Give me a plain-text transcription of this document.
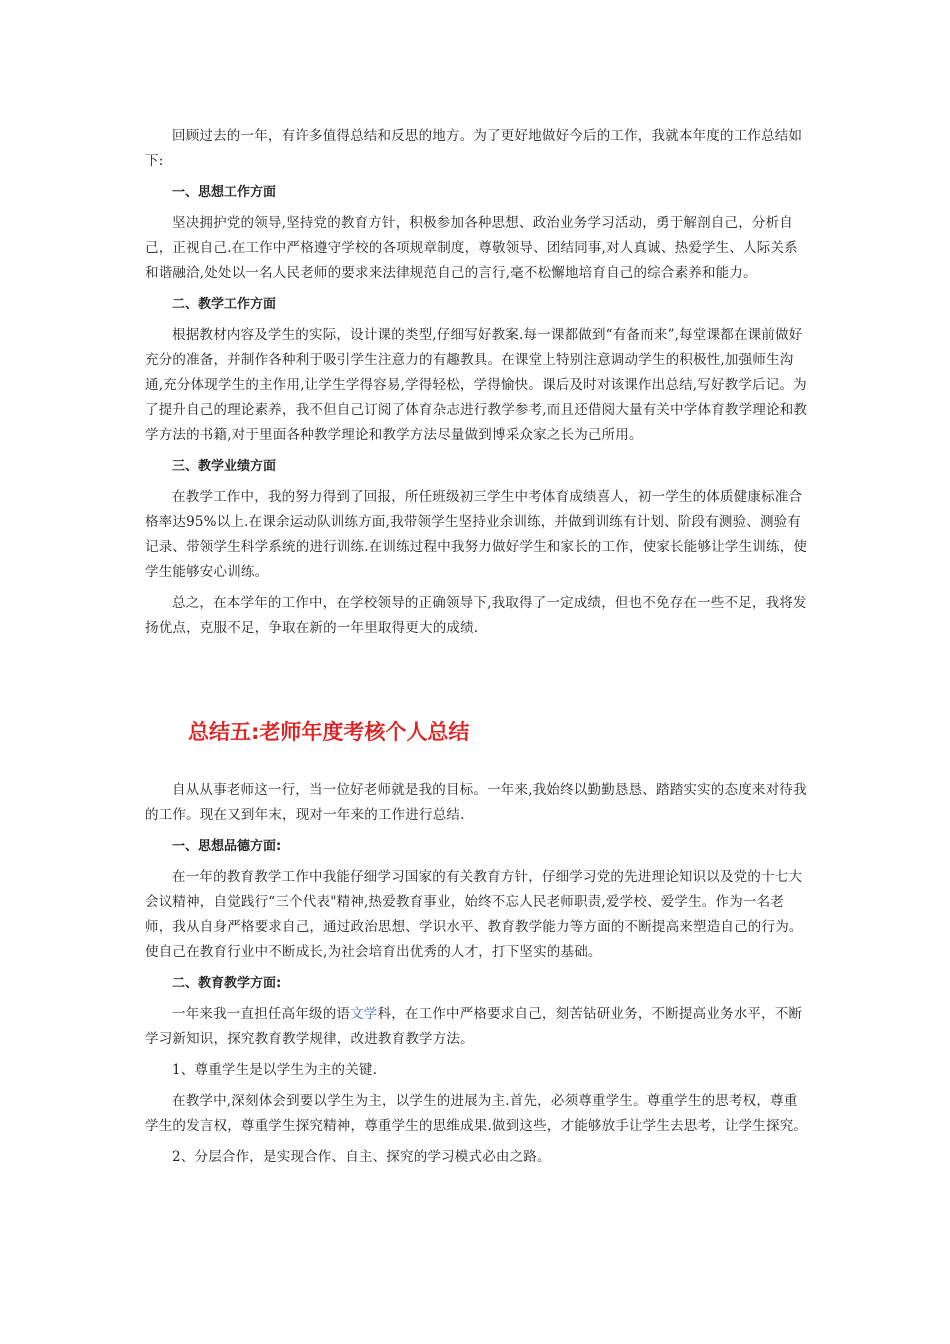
回顾过去的一年，有许多值得总结和反思的地方。为了更好地做好今后的工作，我就本年度的工作总结如下:

一、思想工作方面

坚决拥护党的领导,坚持党的教育方针，积极参加各种思想、政治业务学习活动，勇于解剖自己，分析自己，正视自己.在工作中严格遵守学校的各项规章制度，尊敬领导、团结同事,对人真诚、热爱学生、人际关系和谐融洽,处处以一名人民老师的要求来法律规范自己的言行,毫不松懈地培育自己的综合素养和能力。

二、教学工作方面

根据教材内容及学生的实际，设计课的类型,仔细写好教案.每一课都做到“有备而来”,每堂课都在课前做好充分的准备，并制作各种利于吸引学生注意力的有趣教具。在课堂上特别注意调动学生的积极性,加强师生沟通,充分体现学生的主作用,让学生学得容易,学得轻松，学得愉快。课后及时对该课作出总结,写好教学后记。为了提升自己的理论素养，我不但自己订阅了体育杂志进行教学参考,而且还借阅大量有关中学体育教学理论和教学方法的书籍,对于里面各种教学理论和教学方法尽量做到博采众家之长为己所用。

三、教学业绩方面

在教学工作中，我的努力得到了回报，所任班级初三学生中考体育成绩喜人，初一学生的体质健康标准合格率达95%以上.在课余运动队训练方面,我带领学生坚持业余训练，并做到训练有计划、阶段有测验、测验有记录、带领学生科学系统的进行训练.在训练过程中我努力做好学生和家长的工作，使家长能够让学生训练，使学生能够安心训练。

总之，在本学年的工作中，在学校领导的正确领导下,我取得了一定成绩，但也不免存在一些不足，我将发扬优点，克服不足，争取在新的一年里取得更大的成绩.

总结五:老师年度考核个人总结

自从从事老师这一行，当一位好老师就是我的目标。一年来,我始终以勤勤恳恳、踏踏实实的态度来对待我的工作。现在又到年末，现对一年来的工作进行总结.

一、思想品德方面:

在一年的教育教学工作中我能仔细学习国家的有关教育方针，仔细学习党的先进理论知识以及党的十七大会议精神，自觉践行“三个代表"精神,热爱教育事业，始终不忘人民老师职责,爱学校、爱学生。作为一名老师，我从自身严格要求自己，通过政治思想、学识水平、教育教学能力等方面的不断提高来塑造自己的行为。使自己在教育行业中不断成长,为社会培育出优秀的人才，打下坚实的基础。

二、教育教学方面:

一年来我一直担任高年级的语文学科，在工作中严格要求自己，刻苦钻研业务，不断提高业务水平，不断学习新知识，探究教育教学规律，改进教育教学方法。

1、尊重学生是以学生为主的关键.

在教学中,深刻体会到要以学生为主，以学生的进展为主.首先，必须尊重学生。尊重学生的思考权，尊重学生的发言权，尊重学生探究精神，尊重学生的思维成果.做到这些，才能够放手让学生去思考，让学生探究。

2、分层合作，是实现合作、自主、探究的学习模式必由之路。
